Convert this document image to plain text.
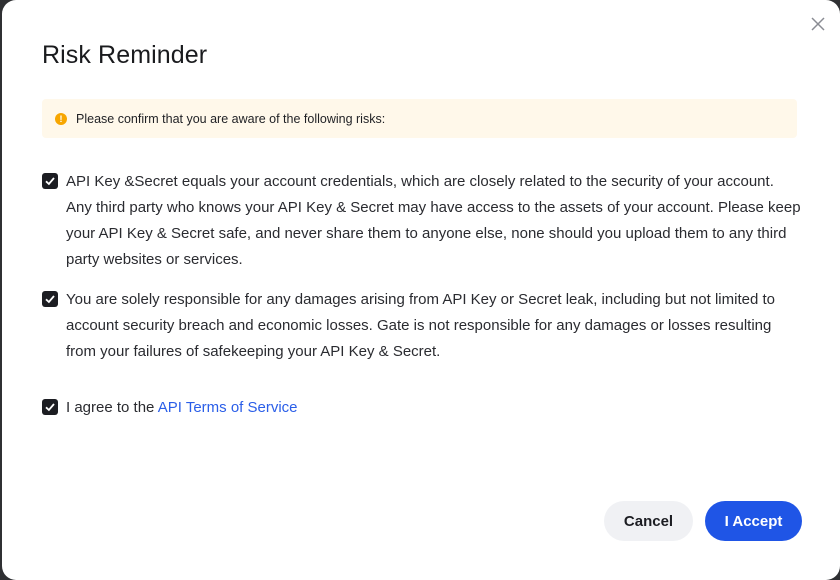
Risk Reminder
!	Please confirm that you are aware of the following risks:
API Key &Secret equals your account credentials, which are closely related to the security of your account. Any third party who knows your API Key & Secret may have access to the assets of your account. Please keep your API Key & Secret safe, and never share them to anyone else, none should you upload them to any third party websites or services.
You are solely responsible for any damages arising from API Key or Secret leak, including but not limited to account security breach and economic losses. Gate is not responsible for any damages or losses resulting from your failures of safekeeping your API Key & Secret.
I agree to the API Terms of Service
Cancel	I Accept
